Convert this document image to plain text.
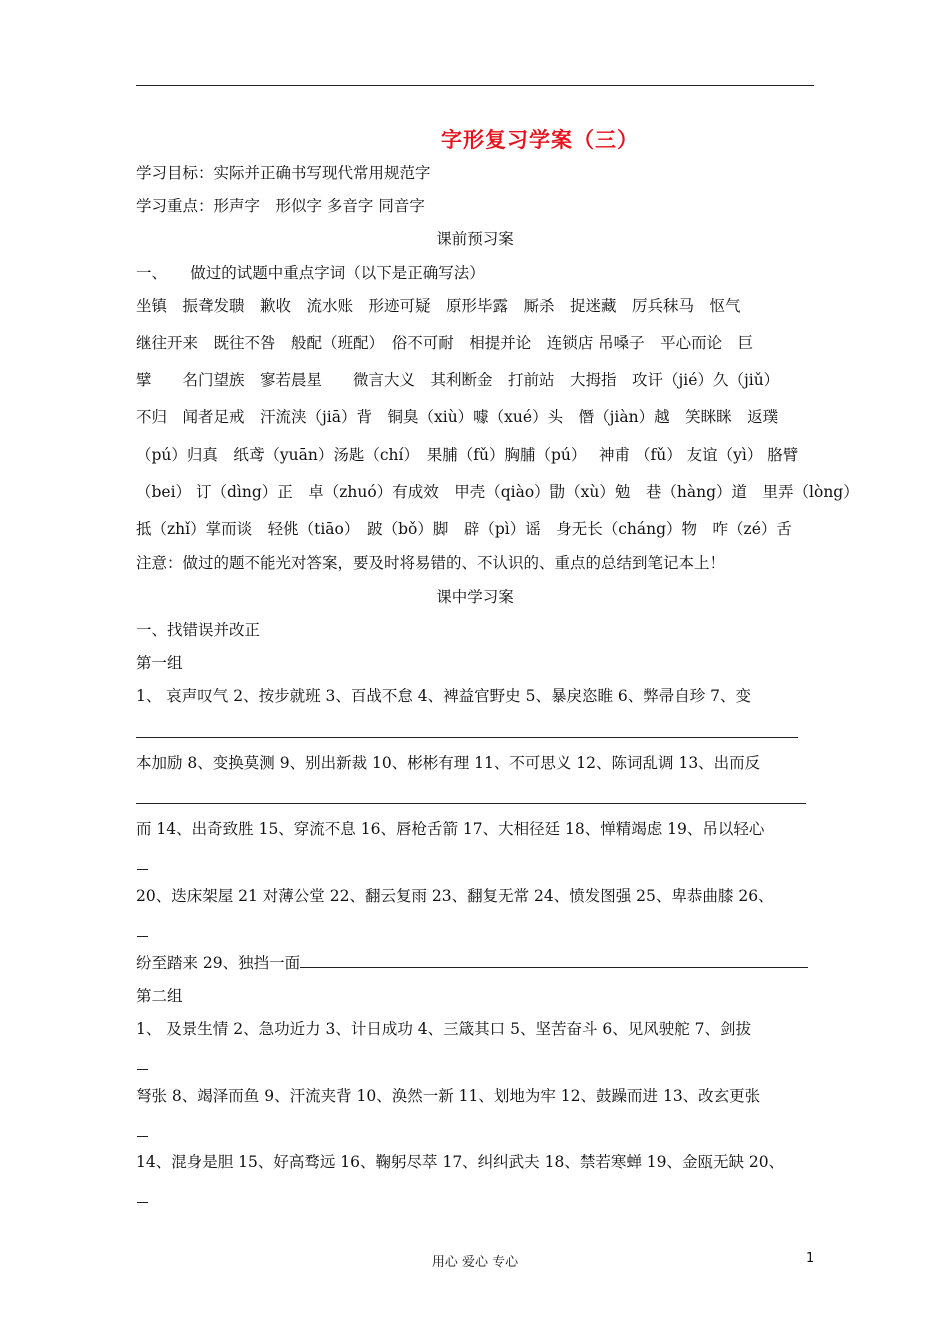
字形复习学案（三）
学习目标：实际并正确书写现代常用规范字
学习重点：形声字　形似字 多音字 同音字
课前预习案
一、　　做过的试题中重点字词（以下是正确写法）
坐镇　振聋发聩　歉收　流水账　形迹可疑　原形毕露　厮杀　捉迷藏　厉兵秣马　怄气
继往开来　既往不咎　般配（班配）　俗不可耐　相提并论　连锁店 吊嗓子　平心而论　巨
擘　　名门望族　寥若晨星　　微言大义　其利断金　打前站　大拇指　攻讦（jié）久（jiǔ）
不归　闻者足戒　汗流浃（jiā）背　铜臭（xiù）噱（xué）头　僭（jiàn）越　笑眯眯　返璞
（pú）归真　纸鸢（yuān）汤匙（chí）　果脯（fǔ）胸脯（pú）　 神甫 （fǔ） 友谊（yì） 胳臂
（bei） 订（dìng）正　卓（zhuó）有成效　甲壳（qiào）勖（xù）勉　巷（hàng）道　里弄（lòng）
抵（zhǐ）掌而谈　轻佻（tiāo）　跛（bǒ）脚　辟（pì）谣　身无长（cháng）物　咋（zé）舌
注意：做过的题不能光对答案，要及时将易错的、不认识的、重点的总结到笔记本上！
课中学习案
一、找错误并改正
第一组
1、 哀声叹气 2、按步就班 3、百战不怠 4、裨益官野史 5、暴戾恣睢 6、弊帚自珍 7、变
本加励 8、变换莫测 9、别出新裁 10、彬彬有理 11、不可思义 12、陈词乱调 13、出而反
而 14、出奇致胜 15、穿流不息 16、唇枪舌箭 17、大相径廷 18、惮精竭虑 19、吊以轻心
20、迭床架屋 21 对薄公堂 22、翻云复雨 23、翻复无常 24、愤发图强 25、卑恭曲膝 26、
纷至踏来 29、独挡一面
第二组
1、 及景生情 2、急功近力 3、计日成功 4、三箴其口 5、坚苦奋斗 6、见风驶舵 7、剑拔
弩张 8、竭泽而鱼 9、汗流夹背 10、涣然一新 11、划地为牢 12、鼓躁而进 13、改玄更张
14、混身是胆 15、好高骛远 16、鞠躬尽萃 17、纠纠武夫 18、禁若寒蝉 19、金瓯无缺 20、
用心 爱心 专心	1
